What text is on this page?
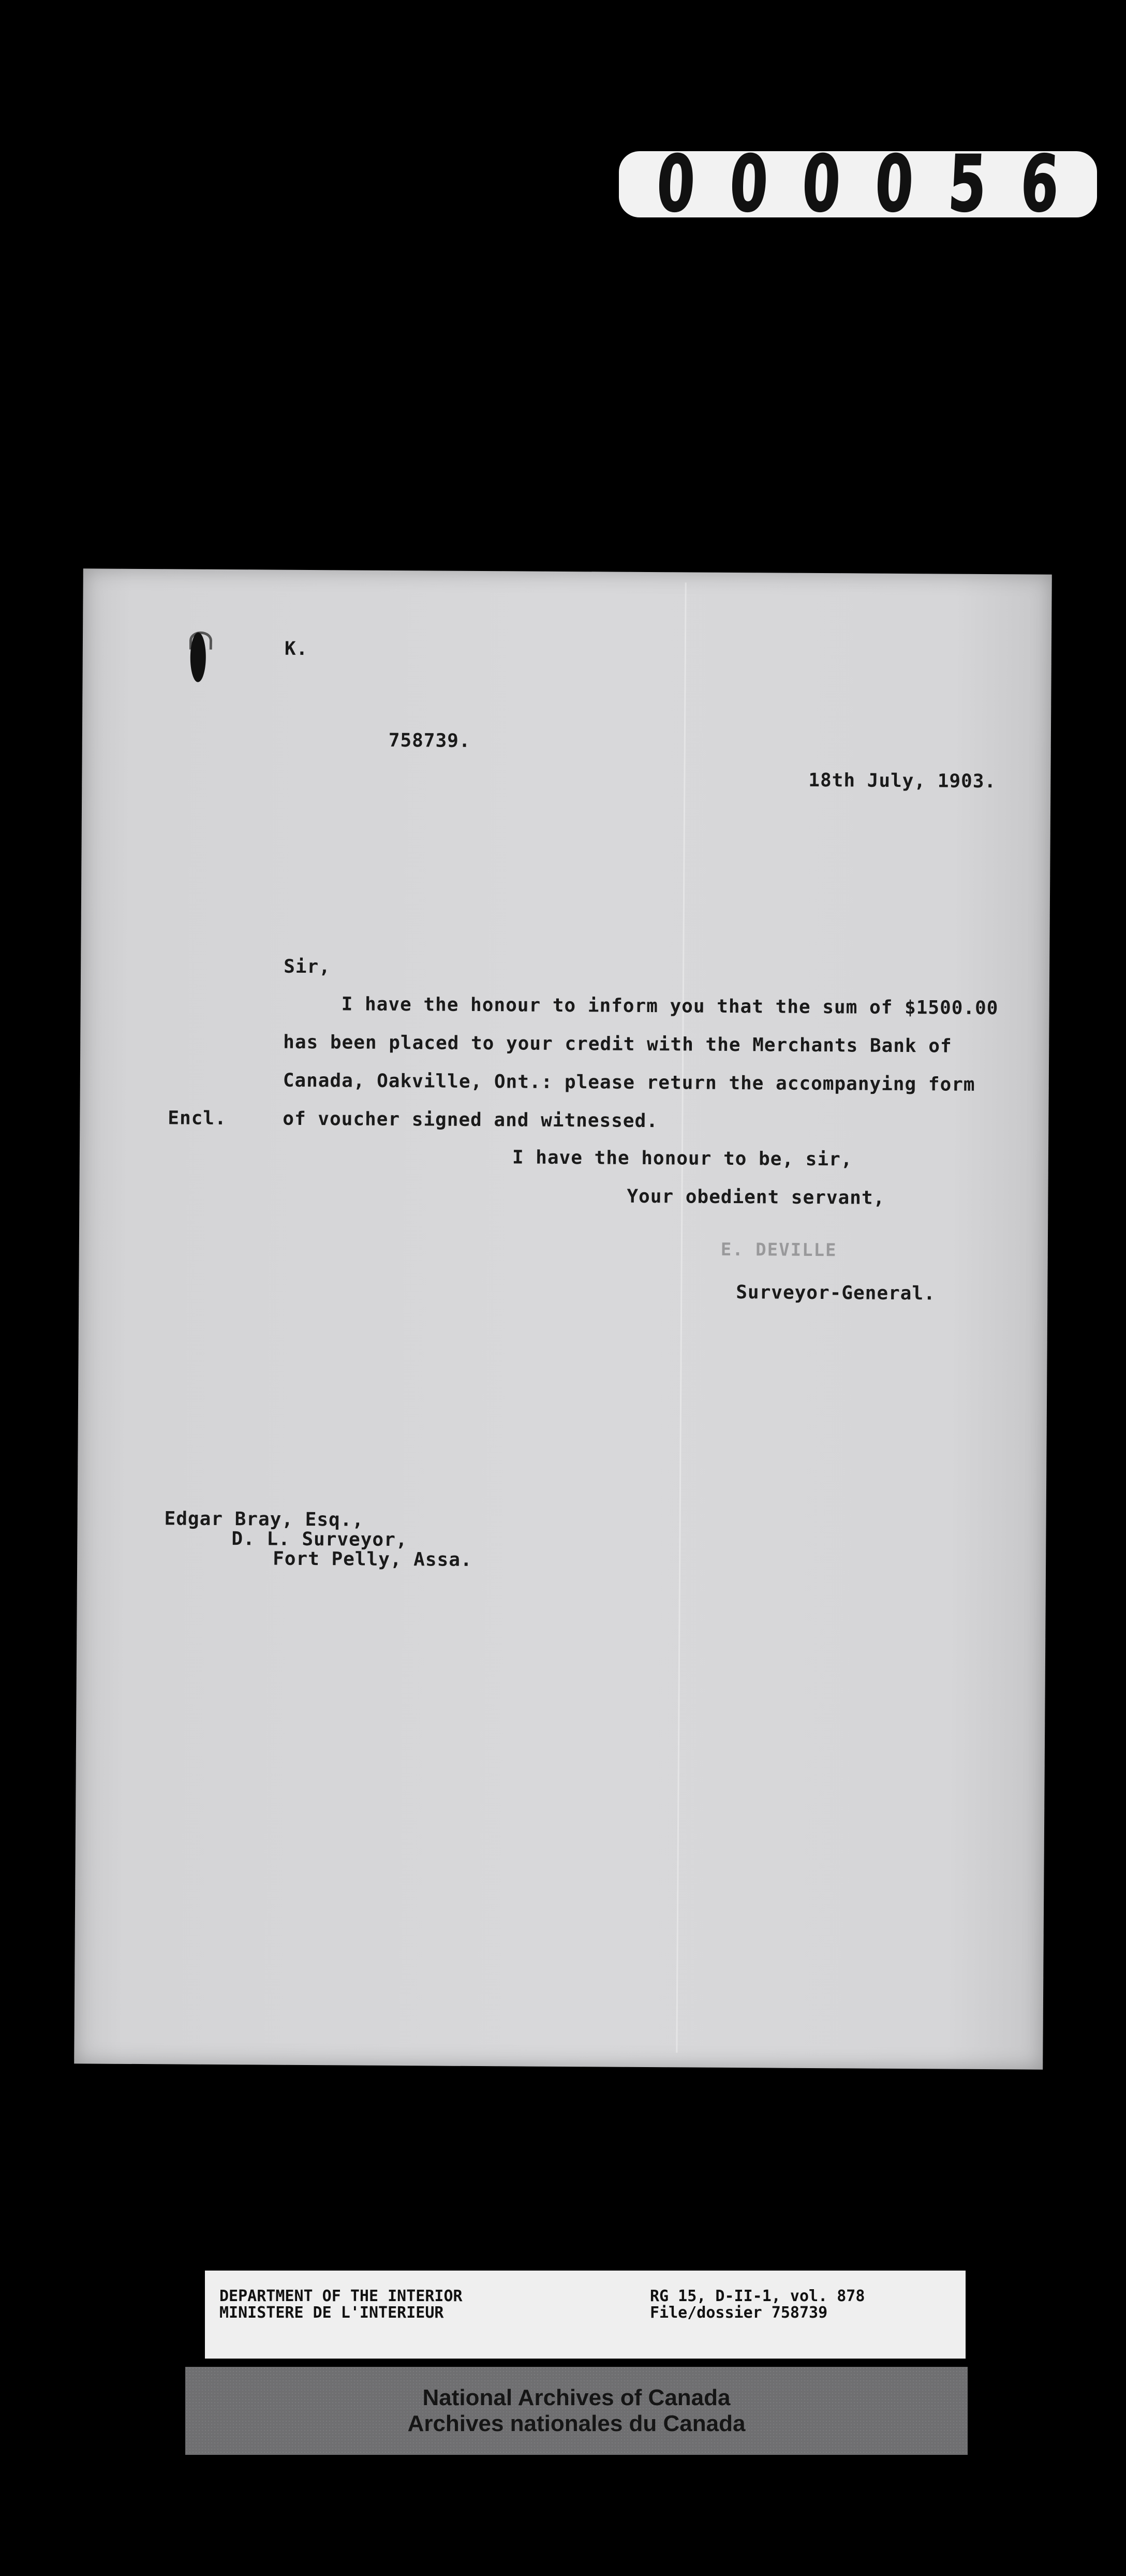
0 0 0 0 5 6
K.
758739.
18th July, 1903.
Sir,
I have the honour to inform you that the sum of $1500.00
has been placed to your credit with the Merchants Bank of
Canada, Oakville, Ont.: please return the accompanying form
of voucher signed and witnessed.
Encl.
I have the honour to be, sir,
Your obedient servant,
E. DEVILLE
Surveyor-General.
Edgar Bray, Esq.,
D. L. Surveyor,
Fort Pelly, Assa.
DEPARTMENT OF THE INTERIOR
MINISTERE DE L'INTERIEUR
RG 15, D-II-1, vol. 878
File/dossier 758739
National Archives of Canada
Archives nationales du Canada
